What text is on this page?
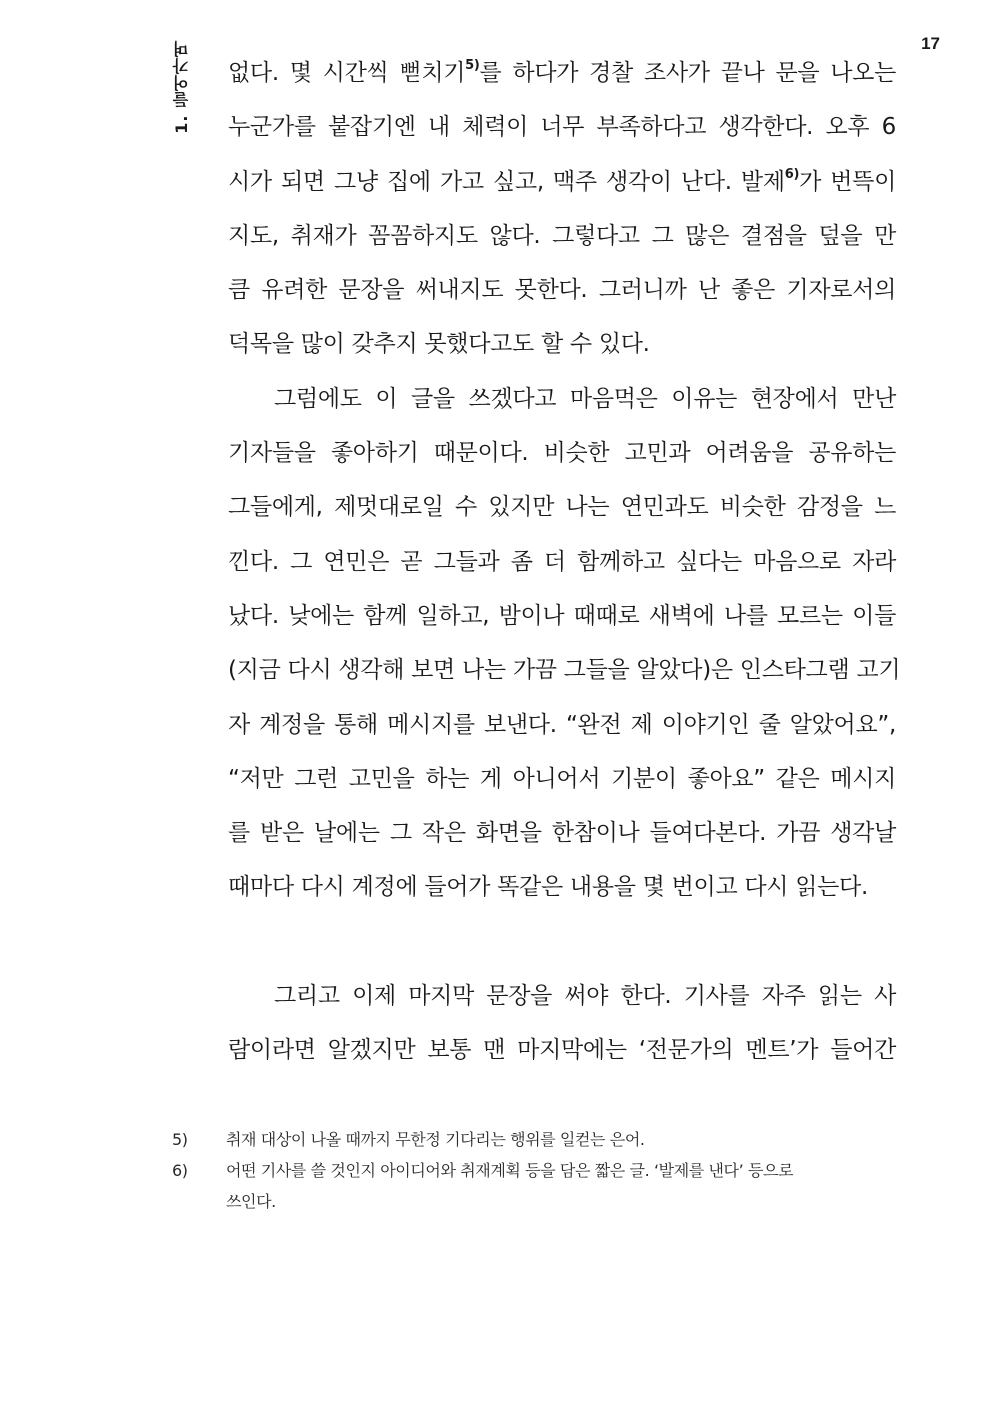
17
1. 들어가며 없다. 몇 시간씩 뻗치기$^{5)}$를 하다가 경찰 조사가 끝나 문을 나오는
누군가를 붙잡기엔 내 체력이 너무 부족하다고 생각한다. 오후 6
시가 되면 그냥 집에 가고 싶고, 맥주 생각이 난다. 발제$^{6)}$가 번뜩이
지도, 취재가 꼼꼼하지도 않다. 그렇다고 그 많은 결점을 덮을 만
큼 유려한 문장을 써내지도 못한다. 그러니까 난 좋은 기자로서의
덕목을 많이 갖추지 못했다고도 할 수 있다.
그럼에도 이 글을 쓰겠다고 마음먹은 이유는 현장에서 만난
기자들을 좋아하기 때문이다. 비슷한 고민과 어려움을 공유하는
그들에게, 제멋대로일 수 있지만 나는 연민과도 비슷한 감정을 느
낀다. 그 연민은 곧 그들과 좀 더 함께하고 싶다는 마음으로 자라
났다. 낮에는 함께 일하고, 밤이나 때때로 새벽에 나를 모르는 이들
(지금 다시 생각해 보면 나는 가끔 그들을 알았다)은 인스타그램 고기
자 계정을 통해 메시지를 보낸다. “완전 제 이야기인 줄 알았어요”,
“저만 그런 고민을 하는 게 아니어서 기분이 좋아요” 같은 메시지
를 받은 날에는 그 작은 화면을 한참이나 들여다본다. 가끔 생각날
때마다 다시 계정에 들어가 똑같은 내용을 몇 번이고 다시 읽는다.
그리고 이제 마지막 문장을 써야 한다. 기사를 자주 읽는 사
람이라면 알겠지만 보통 맨 마지막에는 ‘전문가의 멘트’가 들어간
5)	취재 대상이 나올 때까지 무한정 기다리는 행위를 일컫는 은어.
6)	어떤 기사를 쓸 것인지 아이디어와 취재계획 등을 담은 짧은 글. ‘발제를 낸다’ 등으로
쓰인다.
